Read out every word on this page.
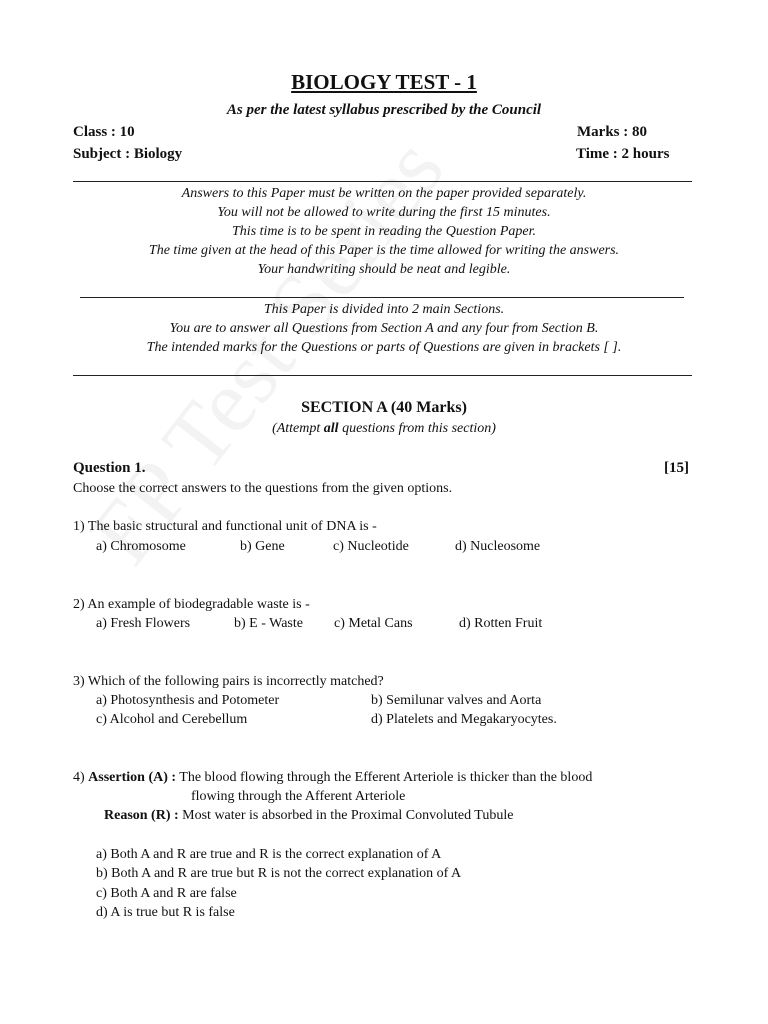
BIOLOGY TEST - 1
As per the latest syllabus prescribed by the Council
Class : 10	Marks : 80
Subject : Biology	Time : 2 hours
Answers to this Paper must be written on the paper provided separately.
You will not be allowed to write during the first 15 minutes.
This time is to be spent in reading the Question Paper.
The time given at the head of this Paper is the time allowed for writing the answers.
Your handwriting should be neat and legible.
This Paper is divided into 2 main Sections.
You are to answer all Questions from Section A and any four from Section B.
The intended marks for the Questions or parts of Questions are given in brackets [ ].
SECTION A (40 Marks)
(Attempt all questions from this section)
Question 1.	[15]
Choose the correct answers to the questions from the given options.
1) The basic structural and functional unit of DNA is -
a) Chromosome	b) Gene	c) Nucleotide	d) Nucleosome
2) An example of biodegradable waste is -
a) Fresh Flowers	b) E - Waste c) Metal Cans	d) Rotten Fruit
3) Which of the following pairs is incorrectly matched?
a) Photosynthesis and Potometer	b) Semilunar valves and Aorta
c) Alcohol and Cerebellum	d) Platelets and Megakaryocytes.
4) Assertion (A) : The blood flowing through the Efferent Arteriole is thicker than the blood
flowing through the Afferent Arteriole
Reason (R) : Most water is absorbed in the Proximal Convoluted Tubule
a) Both A and R are true and R is the correct explanation of A
b) Both A and R are true but R is not the correct explanation of A
c) Both A and R are false
d) A is true but R is false
